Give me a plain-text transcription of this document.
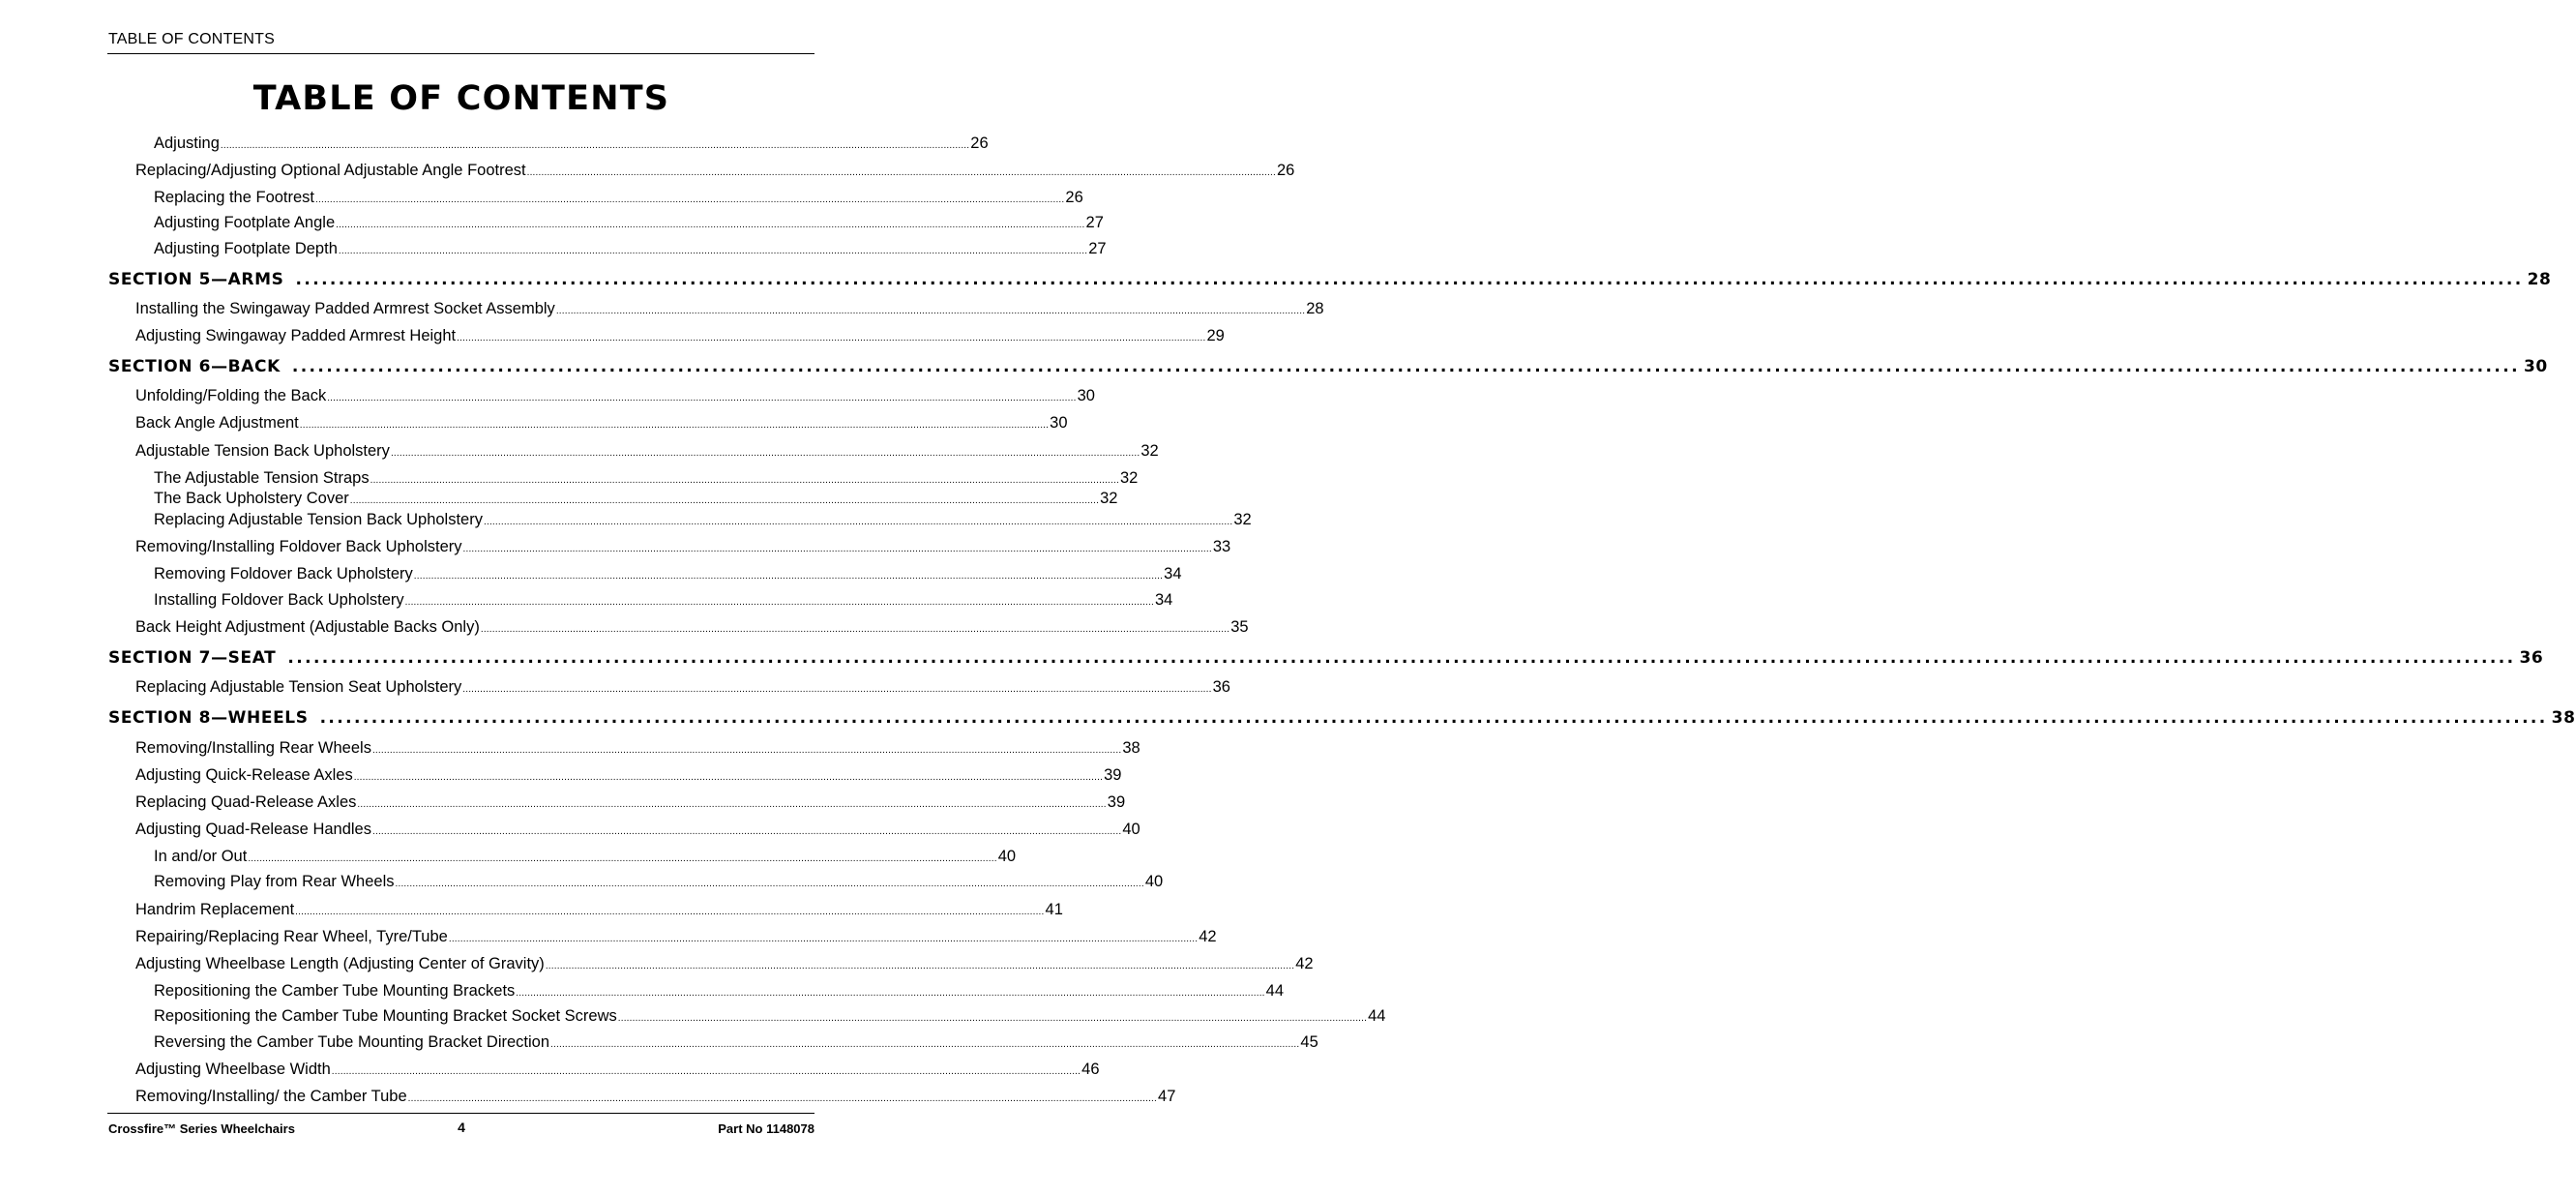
TABLE OF CONTENTS
TABLE OF CONTENTS
Adjusting .................................................................................................................................................................................................................................................................... 26
Replacing/Adjusting Optional Adjustable Angle Footrest .................................................................................................................................................................................................................................................................... 26
Replacing the Footrest .................................................................................................................................................................................................................................................................... 26
Adjusting Footplate Angle .................................................................................................................................................................................................................................................................... 27
Adjusting Footplate Depth .................................................................................................................................................................................................................................................................... 27
SECTION 5—ARMS .................................................................................................................................................................................................................................................................... 28
Installing the Swingaway Padded Armrest Socket Assembly .................................................................................................................................................................................................................................................................... 28
Adjusting Swingaway Padded Armrest Height .................................................................................................................................................................................................................................................................... 29
SECTION 6—BACK .................................................................................................................................................................................................................................................................... 30
Unfolding/Folding the Back .................................................................................................................................................................................................................................................................... 30
Back Angle Adjustment .................................................................................................................................................................................................................................................................... 30
Adjustable Tension Back Upholstery .................................................................................................................................................................................................................................................................... 32
The Adjustable Tension Straps .................................................................................................................................................................................................................................................................... 32
The Back Upholstery Cover .................................................................................................................................................................................................................................................................... 32
Replacing Adjustable Tension Back Upholstery .................................................................................................................................................................................................................................................................... 32
Removing/Installing Foldover Back Upholstery .................................................................................................................................................................................................................................................................... 33
Removing Foldover Back Upholstery .................................................................................................................................................................................................................................................................... 34
Installing Foldover Back Upholstery .................................................................................................................................................................................................................................................................... 34
Back Height Adjustment (Adjustable Backs Only) .................................................................................................................................................................................................................................................................... 35
SECTION 7—SEAT .................................................................................................................................................................................................................................................................... 36
Replacing Adjustable Tension Seat Upholstery .................................................................................................................................................................................................................................................................... 36
SECTION 8—WHEELS .................................................................................................................................................................................................................................................................... 38
Removing/Installing Rear Wheels .................................................................................................................................................................................................................................................................... 38
Adjusting Quick-Release Axles .................................................................................................................................................................................................................................................................... 39
Replacing Quad-Release Axles .................................................................................................................................................................................................................................................................... 39
Adjusting Quad-Release Handles .................................................................................................................................................................................................................................................................... 40
In and/or Out .................................................................................................................................................................................................................................................................... 40
Removing Play from Rear Wheels .................................................................................................................................................................................................................................................................... 40
Handrim Replacement .................................................................................................................................................................................................................................................................... 41
Repairing/Replacing Rear Wheel, Tyre/Tube .................................................................................................................................................................................................................................................................... 42
Adjusting Wheelbase Length (Adjusting Center of Gravity) .................................................................................................................................................................................................................................................................... 42
Repositioning the Camber Tube Mounting Brackets .................................................................................................................................................................................................................................................................... 44
Repositioning the Camber Tube Mounting Bracket Socket Screws .................................................................................................................................................................................................................................................................... 44
Reversing the Camber Tube Mounting Bracket Direction .................................................................................................................................................................................................................................................................... 45
Adjusting Wheelbase Width .................................................................................................................................................................................................................................................................... 46
Removing/Installing/ the Camber Tube .................................................................................................................................................................................................................................................................... 47
Crossfire™ Series Wheelchairs	4	Part No 1148078
